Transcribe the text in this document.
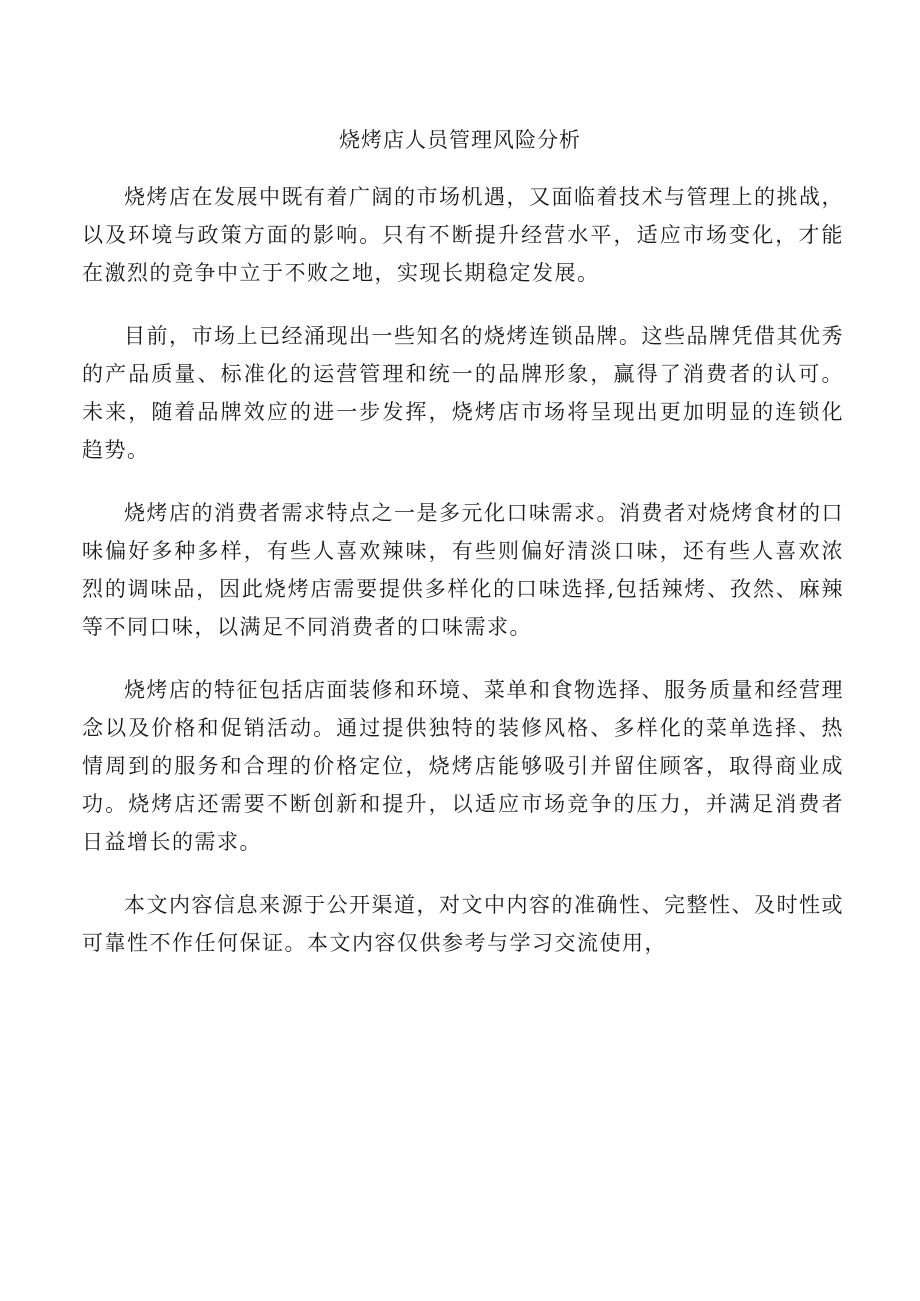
烧烤店人员管理风险分析

烧烤店在发展中既有着广阔的市场机遇，又面临着技术与管理上的挑战，以及环境与政策方面的影响。只有不断提升经营水平，适应市场变化，才能在激烈的竞争中立于不败之地，实现长期稳定发展。

目前，市场上已经涌现出一些知名的烧烤连锁品牌。这些品牌凭借其优秀的产品质量、标准化的运营管理和统一的品牌形象，赢得了消费者的认可。未来，随着品牌效应的进一步发挥，烧烤店市场将呈现出更加明显的连锁化趋势。

烧烤店的消费者需求特点之一是多元化口味需求。消费者对烧烤食材的口味偏好多种多样，有些人喜欢辣味，有些则偏好清淡口味，还有些人喜欢浓烈的调味品，因此烧烤店需要提供多样化的口味选择,包括辣烤、孜然、麻辣等不同口味，以满足不同消费者的口味需求。

烧烤店的特征包括店面装修和环境、菜单和食物选择、服务质量和经营理念以及价格和促销活动。通过提供独特的装修风格、多样化的菜单选择、热情周到的服务和合理的价格定位，烧烤店能够吸引并留住顾客，取得商业成功。烧烤店还需要不断创新和提升，以适应市场竞争的压力，并满足消费者日益增长的需求。

本文内容信息来源于公开渠道，对文中内容的准确性、完整性、及时性或可靠性不作任何保证。本文内容仅供参考与学习交流使用，
